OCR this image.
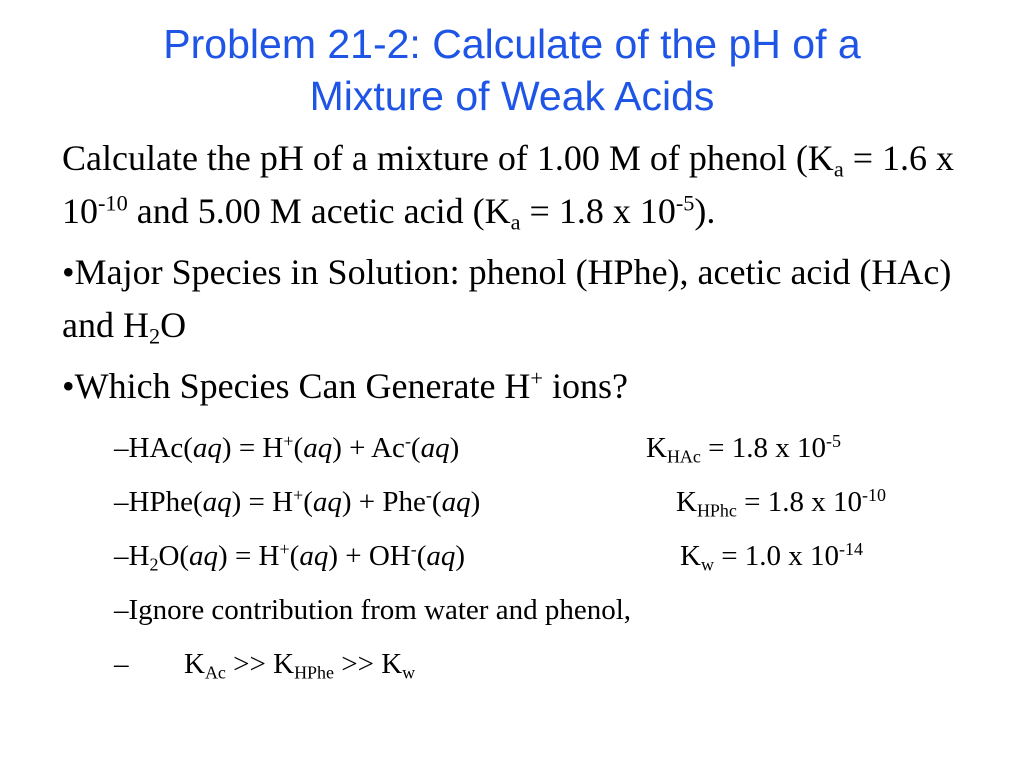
Problem 21-2: Calculate of the pH of a
Mixture of Weak Acids
Calculate the pH of a mixture of 1.00 M of phenol ($K_a = 1.6$ x $10^{-10}$ and 5.00 M acetic acid ($K_a = 1.8$ x $10^{-5}$).
•Major Species in Solution: phenol (HPhe), acetic acid (HAc) and $H_2O$
•Which Species Can Generate H+ ions?
–HAc(aq) = H+(aq) + Ac-(aq)	$K_{HAc} = 1.8$ x $10^{-5}$
–HPhe(aq) = H+(aq) + Phe-(aq)	$K_{HPhc} = 1.8$ x $10^{-10}$
$-H_2O(aq) = H^+(aq) + OH^-(aq)$	$K_w = 1.0$ x $10^{-14}$
–Ignore contribution from water and phenol,
– $K_{Ac} >> K_{HPhe} >> K_w$
